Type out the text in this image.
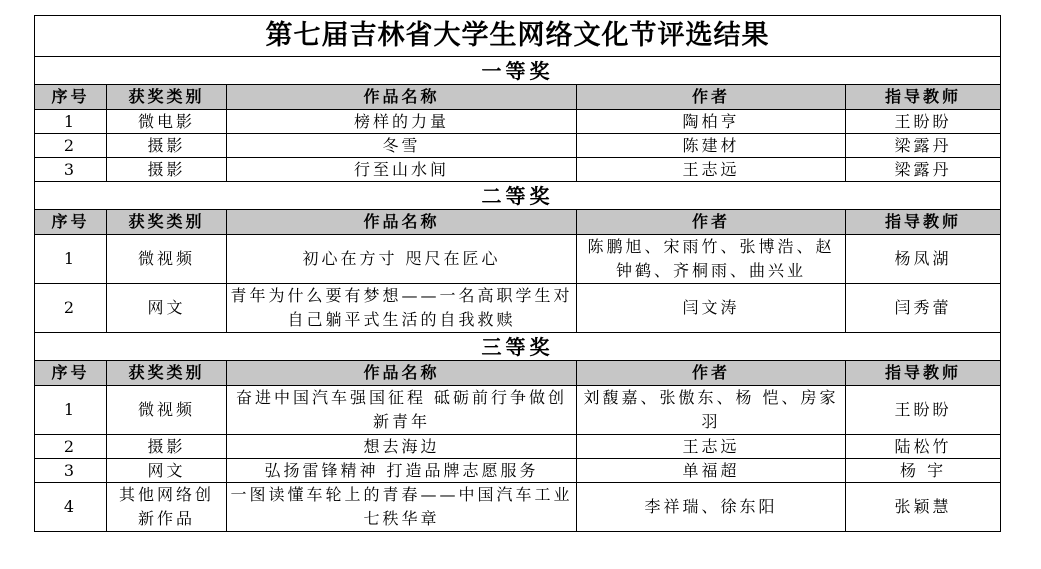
第七届吉林省大学生网络文化节评选结果				
一等奖				
序号	获奖类别	作品名称	作者	指导教师
1	微电影	榜样的力量	陶柏亨	王盼盼
2	摄影	冬雪	陈建材	梁露丹
3	摄影	行至山水间	王志远	梁露丹
二等奖				
序号	获奖类别	作品名称	作者	指导教师
1	微视频	初心在方寸 咫尺在匠心	陈鹏旭、宋雨竹、张博浩、赵钟鹤、齐桐雨、曲兴业	杨凤湖
2	网文	青年为什么要有梦想——一名高职学生对自己躺平式生活的自我救赎	闫文涛	闫秀蕾
三等奖				
序号	获奖类别	作品名称	作者	指导教师
1	微视频	奋进中国汽车强国征程 砥砺前行争做创新青年	刘馥嘉、张傲东、杨 恺、房家羽	王盼盼
2	摄影	想去海边	王志远	陆松竹
3	网文	弘扬雷锋精神 打造品牌志愿服务	单福超	杨 宇
4	其他网络创新作品	一图读懂车轮上的青春——中国汽车工业七秩华章	李祥瑞、徐东阳	张颖慧
